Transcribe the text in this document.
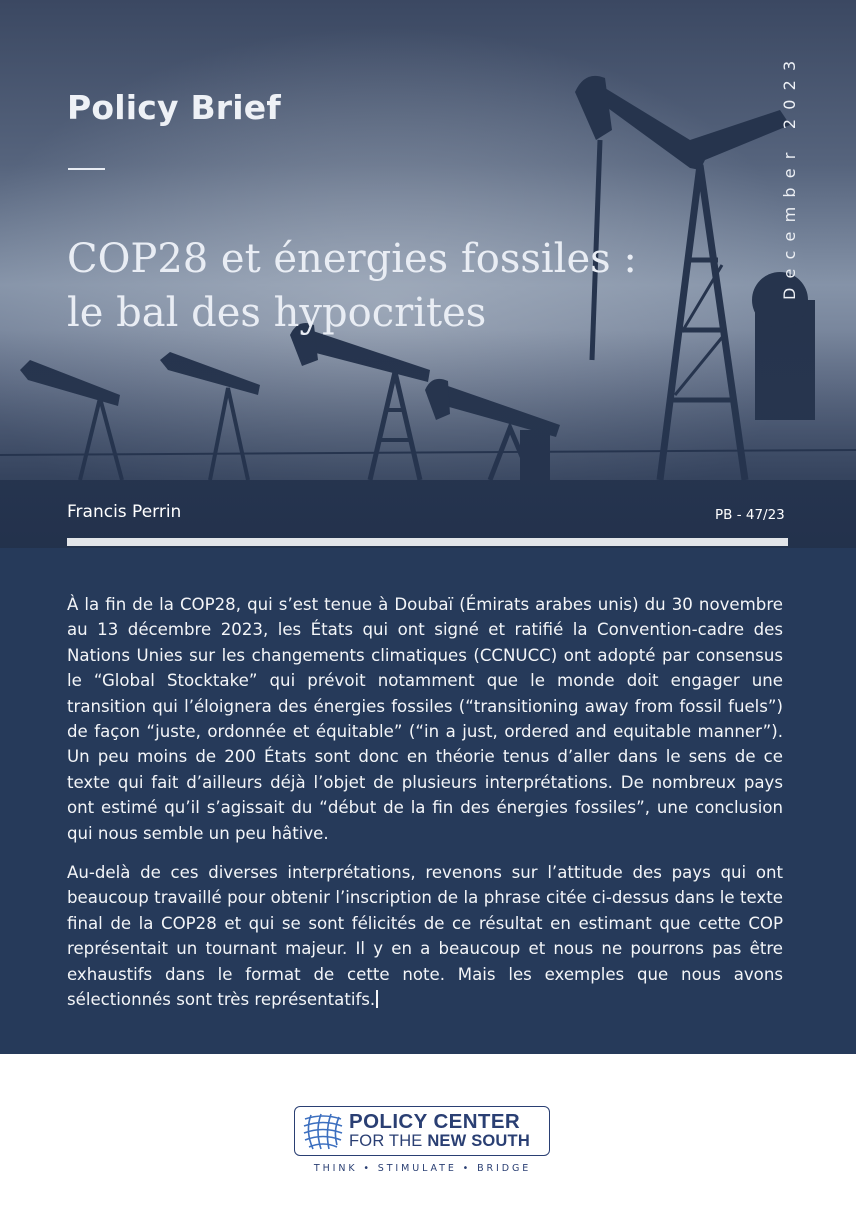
Policy Brief
COP28 et énergies fossiles :
le bal des hypocrites
December 2023
Francis Perrin	PB - 47/23

À la fin de la COP28, qui s’est tenue à Doubaï (Émirats arabes unis) du 30 novembre au 13 décembre 2023, les États qui ont signé et ratifié la Convention-cadre des Nations Unies sur les changements climatiques (CCNUCC) ont adopté par consensus le “Global Stocktake” qui prévoit notamment que le monde doit engager une transition qui l’éloignera des énergies fossiles (“transitioning away from fossil fuels”) de façon “juste, ordonnée et équitable” (“in a just, ordered and equitable manner”). Un peu moins de 200 États sont donc en théorie tenus d’aller dans le sens de ce texte qui fait d’ailleurs déjà l’objet de plusieurs interprétations. De nombreux pays ont estimé qu’il s’agissait du “début de la fin des énergies fossiles”, une conclusion qui nous semble un peu hâtive.

Au-delà de ces diverses interprétations, revenons sur l’attitude des pays qui ont beaucoup travaillé pour obtenir l’inscription de la phrase citée ci-dessus dans le texte final de la COP28 et qui se sont félicités de ce résultat en estimant que cette COP représentait un tournant majeur. Il y en a beaucoup et nous ne pourrons pas être exhaustifs dans le format de cette note. Mais les exemples que nous avons sélectionnés sont très représentatifs.

POLICY CENTER
FOR THE NEW SOUTH
THINK • STIMULATE • BRIDGE
